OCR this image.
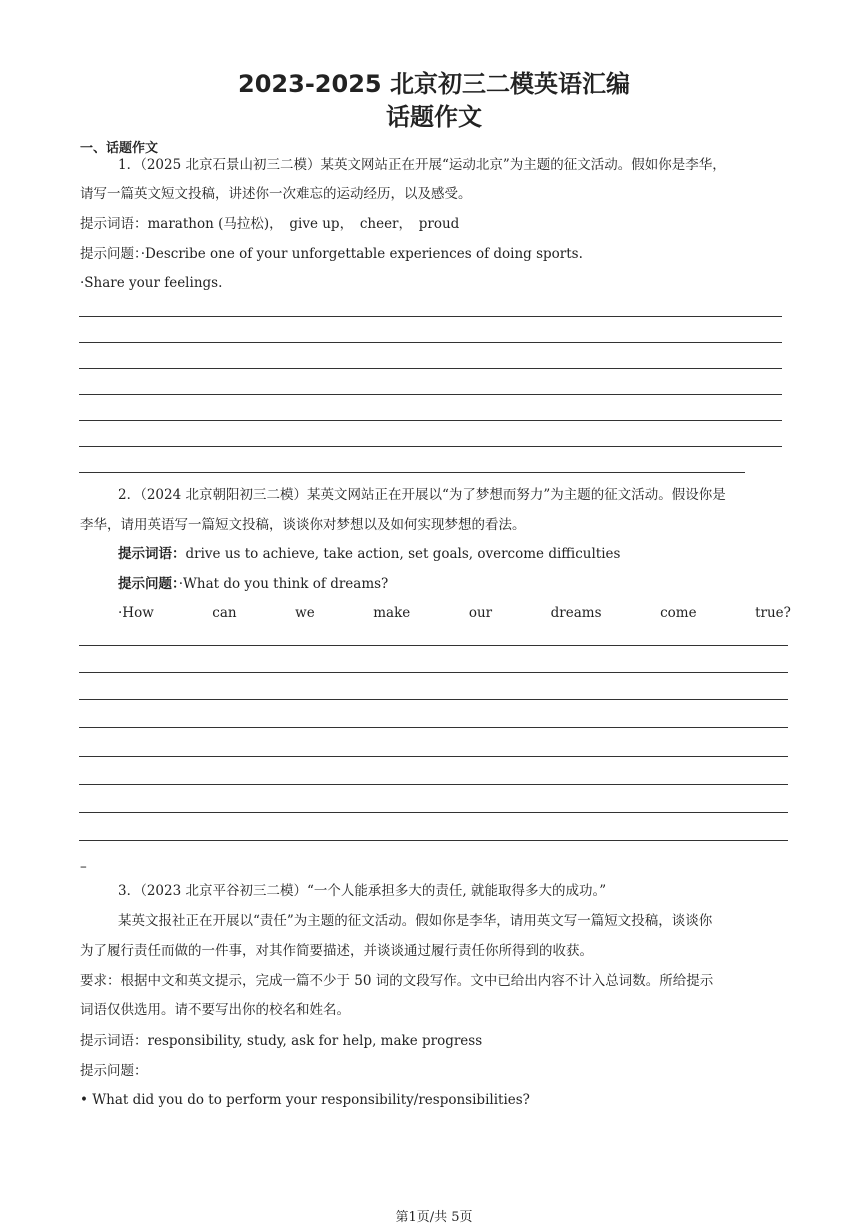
2023-2025 北京初三二模英语汇编
话题作文
一、话题作文
1．（2025 北京石景山初三二模）某英文网站正在开展“运动北京”为主题的征文活动。假如你是李华，
请写一篇英文短文投稿，讲述你一次难忘的运动经历，以及感受。
提示词语：marathon (马拉松)，　give up，　cheer，　proud
提示问题：·Describe one of your unforgettable experiences of doing sports.
·Share your feelings.
2．（2024 北京朝阳初三二模）某英文网站正在开展以“为了梦想而努力”为主题的征文活动。假设你是
李华，请用英语写一篇短文投稿，谈谈你对梦想以及如何实现梦想的看法。
提示词语：drive us to achieve, take action, set goals, overcome difficulties
提示问题：·What do you think of dreams?
·How	can	we	make	our	dreams	come	true?
–
3．（2023 北京平谷初三二模）“一个人能承担多大的责任, 就能取得多大的成功。”
某英文报社正在开展以“责任”为主题的征文活动。假如你是李华，请用英文写一篇短文投稿，谈谈你
为了履行责任而做的一件事，对其作简要描述，并谈谈通过履行责任你所得到的收获。
要求：根据中文和英文提示，完成一篇不少于 50 词的文段写作。文中已给出内容不计入总词数。所给提示
词语仅供选用。请不要写出你的校名和姓名。
提示词语：responsibility, study, ask for help, make progress
提示问题：
• What did you do to perform your responsibility/responsibilities?
第1页/共 5页
